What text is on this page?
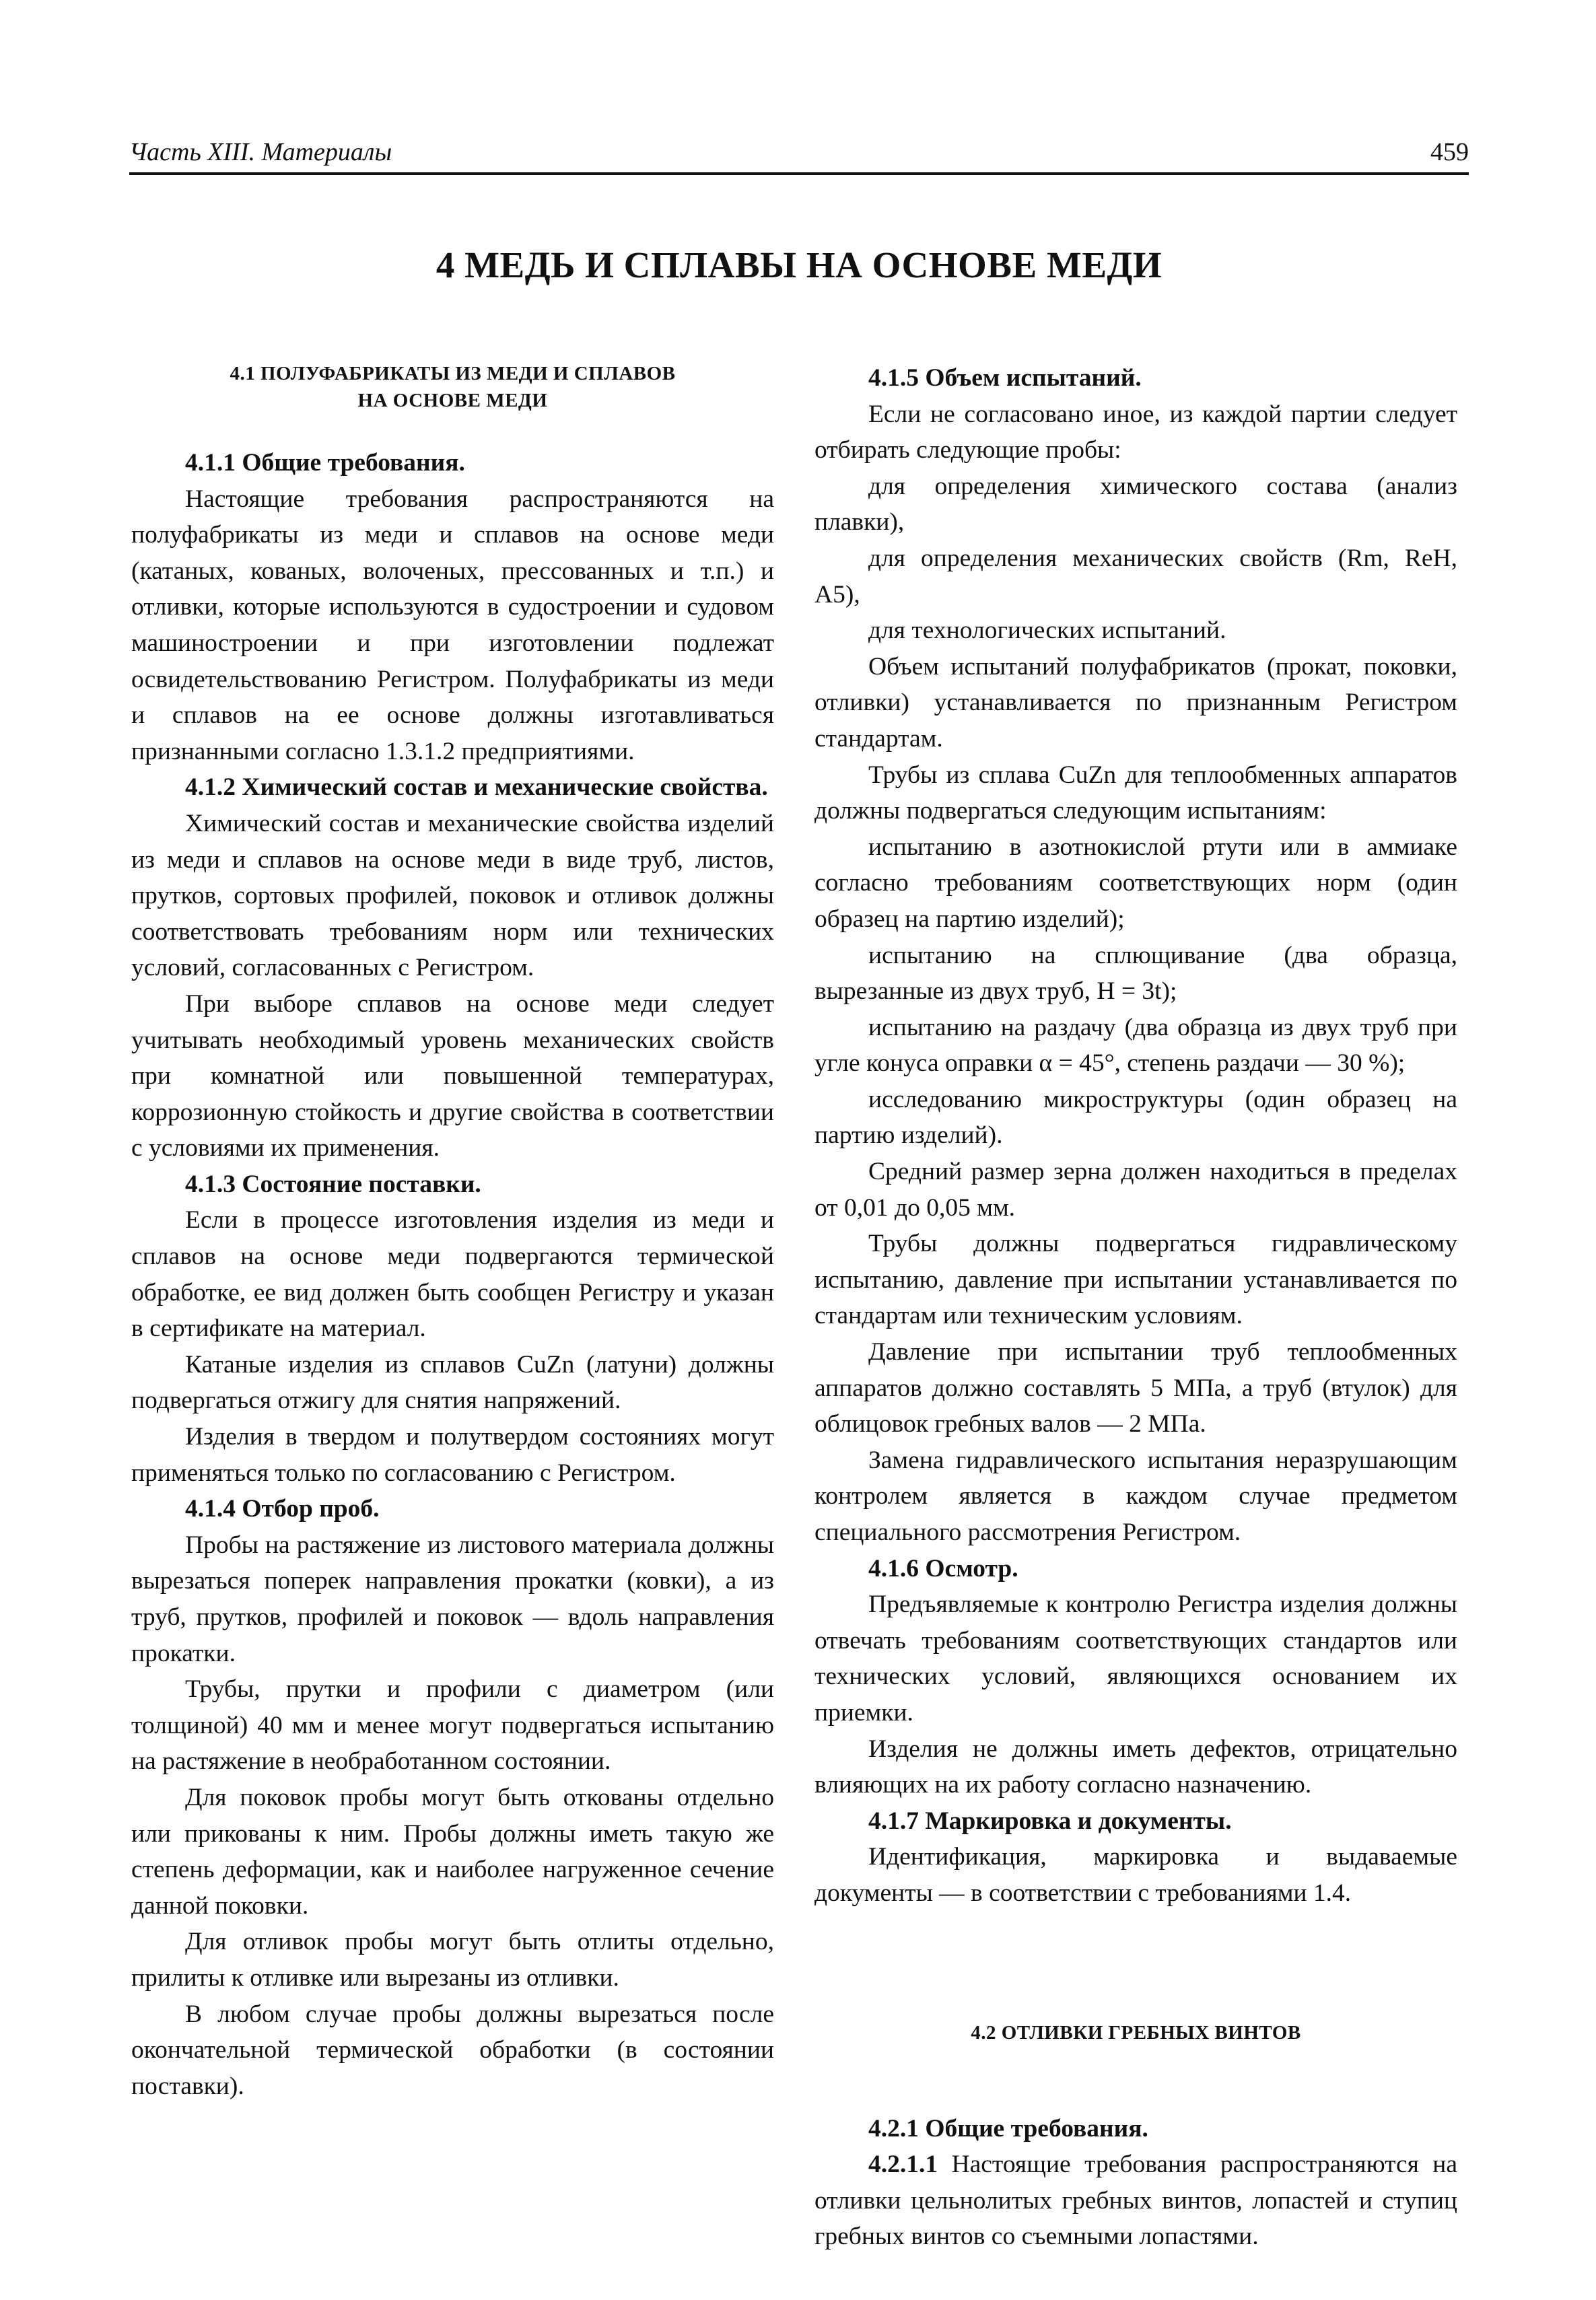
Часть XIII. Материалы	459
4 МЕДЬ И СПЛАВЫ НА ОСНОВЕ МЕДИ
4.1 ПОЛУФАБРИКАТЫ ИЗ МЕДИ И СПЛАВОВ
НА ОСНОВЕ МЕДИ

4.1.1 Общие требования.

Настоящие требования распространяются на полуфабрикаты из меди и сплавов на основе меди (катаных, кованых, волоченых, прессованных и т.п.) и отливки, которые используются в судостроении и судовом машиностроении и при изготовлении подлежат освидетельствованию Регистром. Полуфабрикаты из меди и сплавов на ее основе должны изготавливаться признанными согласно 1.3.1.2 предприятиями.

4.1.2 Химический состав и механические свойства.

Химический состав и механические свойства изделий из меди и сплавов на основе меди в виде труб, листов, прутков, сортовых профилей, поковок и отливок должны соответствовать требованиям норм или технических условий, согласованных с Регистром.

При выборе сплавов на основе меди следует учитывать необходимый уровень механических свойств при комнатной или повышенной температурах, коррозионную стойкость и другие свойства в соответствии с условиями их применения.

4.1.3 Состояние поставки.

Если в процессе изготовления изделия из меди и сплавов на основе меди подвергаются термической обработке, ее вид должен быть сообщен Регистру и указан в сертификате на материал.

Катаные изделия из сплавов CuZn (латуни) должны подвергаться отжигу для снятия напряжений.

Изделия в твердом и полутвердом состояниях могут применяться только по согласованию с Регистром.

4.1.4 Отбор проб.

Пробы на растяжение из листового материала должны вырезаться поперек направления прокатки (ковки), а из труб, прутков, профилей и поковок — вдоль направления прокатки.

Трубы, прутки и профили с диаметром (или толщиной) 40 мм и менее могут подвергаться испытанию на растяжение в необработанном состоянии.

Для поковок пробы могут быть откованы отдельно или прикованы к ним. Пробы должны иметь такую же степень деформации, как и наиболее нагруженное сечение данной поковки.

Для отливок пробы могут быть отлиты отдельно, прилиты к отливке или вырезаны из отливки.

В любом случае пробы должны вырезаться после окончательной термической обработки (в состоянии поставки).

4.1.5 Объем испытаний.

Если не согласовано иное, из каждой партии следует отбирать следующие пробы:

для определения химического состава (анализ плавки),

для определения механических свойств (Rm, ReH, A5),

для технологических испытаний.

Объем испытаний полуфабрикатов (прокат, поковки, отливки) устанавливается по признанным Регистром стандартам.

Трубы из сплава CuZn для теплообменных аппаратов должны подвергаться следующим испытаниям:

испытанию в азотнокислой ртути или в аммиаке согласно требованиям соответствующих норм (один образец на партию изделий);

испытанию на сплющивание (два образца, вырезанные из двух труб, H = 3t);

испытанию на раздачу (два образца из двух труб при угле конуса оправки α = 45°, степень раздачи — 30 %);

исследованию микроструктуры (один образец на партию изделий).

Средний размер зерна должен находиться в пределах от 0,01 до 0,05 мм.

Трубы должны подвергаться гидравлическому испытанию, давление при испытании устанавливается по стандартам или техническим условиям.

Давление при испытании труб теплообменных аппаратов должно составлять 5 МПа, а труб (втулок) для облицовок гребных валов — 2 МПа.

Замена гидравлического испытания неразрушающим контролем является в каждом случае предметом специального рассмотрения Регистром.

4.1.6 Осмотр.

Предъявляемые к контролю Регистра изделия должны отвечать требованиям соответствующих стандартов или технических условий, являющихся основанием их приемки.

Изделия не должны иметь дефектов, отрицательно влияющих на их работу согласно назначению.

4.1.7 Маркировка и документы.

Идентификация, маркировка и выдаваемые документы — в соответствии с требованиями 1.4.

4.2 ОТЛИВКИ ГРЕБНЫХ ВИНТОВ

4.2.1 Общие требования.

4.2.1.1 Настоящие требования распространяются на отливки цельнолитых гребных винтов, лопастей и ступиц гребных винтов со съемными лопастями.
